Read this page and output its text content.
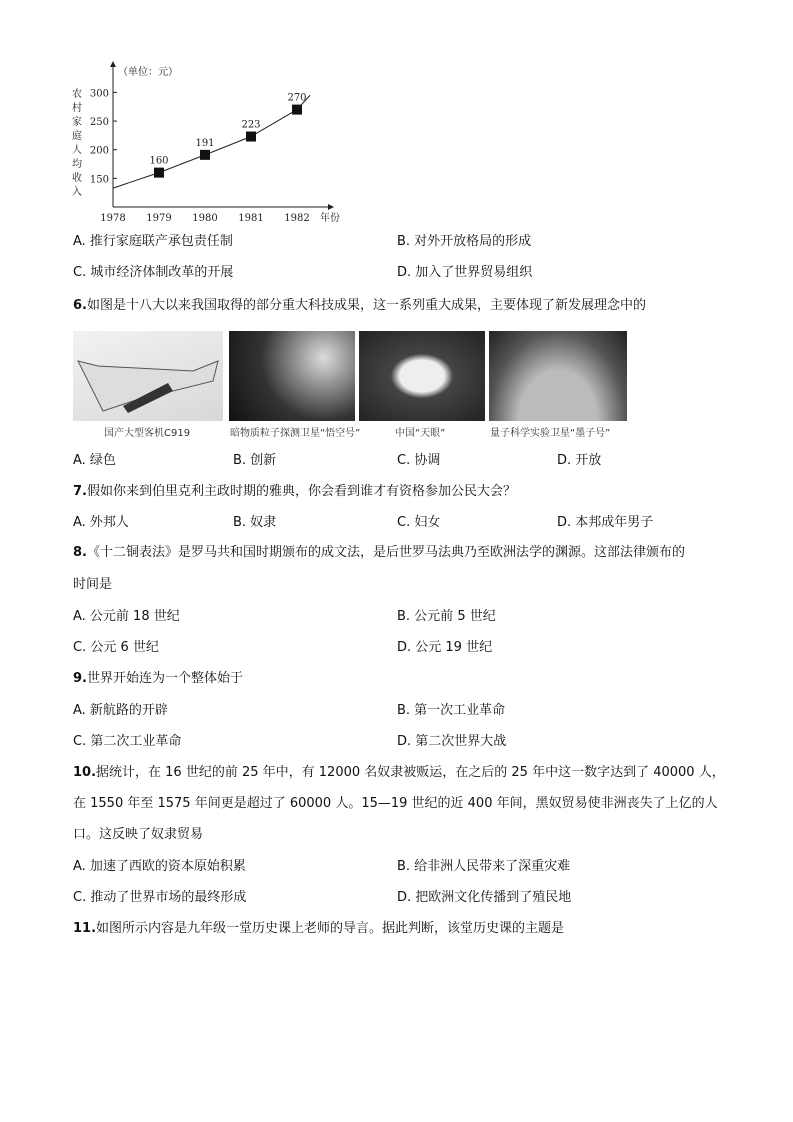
（单位：元）
年份
农
村
家
庭
人
均
收
入
150
200
250
300
1978 1979 1980 1981 1982
160
191
223
270
A. 推行家庭联产承包责任制	B. 对外开放格局的形成
C. 城市经济体制改革的开展	D. 加入了世界贸易组织
6.如图是十八大以来我国取得的部分重大科技成果，这一系列重大成果，主要体现了新发展理念中的
国产大型客机C919	暗物质粒子探测卫星“悟空号”	中国“天眼”	量子科学实验卫星“墨子号”
A. 绿色	B. 创新	C. 协调	D. 开放
7.假如你来到伯里克利主政时期的雅典，你会看到谁才有资格参加公民大会？
A. 外邦人	B. 奴隶	C. 妇女	D. 本邦成年男子
8.《十二铜表法》是罗马共和国时期颁布的成文法，是后世罗马法典乃至欧洲法学的渊源。这部法律颁布的
时间是
A. 公元前 18 世纪	B. 公元前 5 世纪
C. 公元 6 世纪	D. 公元 19 世纪
9.世界开始连为一个整体始于
A. 新航路的开辟	B. 第一次工业革命
C. 第二次工业革命	D. 第二次世界大战
10.据统计，在 16 世纪的前 25 年中，有 12000 名奴隶被贩运，在之后的 25 年中这一数字达到了 40000 人，
在 1550 年至 1575 年间更是超过了 60000 人。15—19 世纪的近 400 年间，黑奴贸易使非洲丧失了上亿的人
口。这反映了奴隶贸易
A. 加速了西欧的资本原始积累	B. 给非洲人民带来了深重灾难
C. 推动了世界市场的最终形成	D. 把欧洲文化传播到了殖民地
11.如图所示内容是九年级一堂历史课上老师的导言。据此判断，该堂历史课的主题是
